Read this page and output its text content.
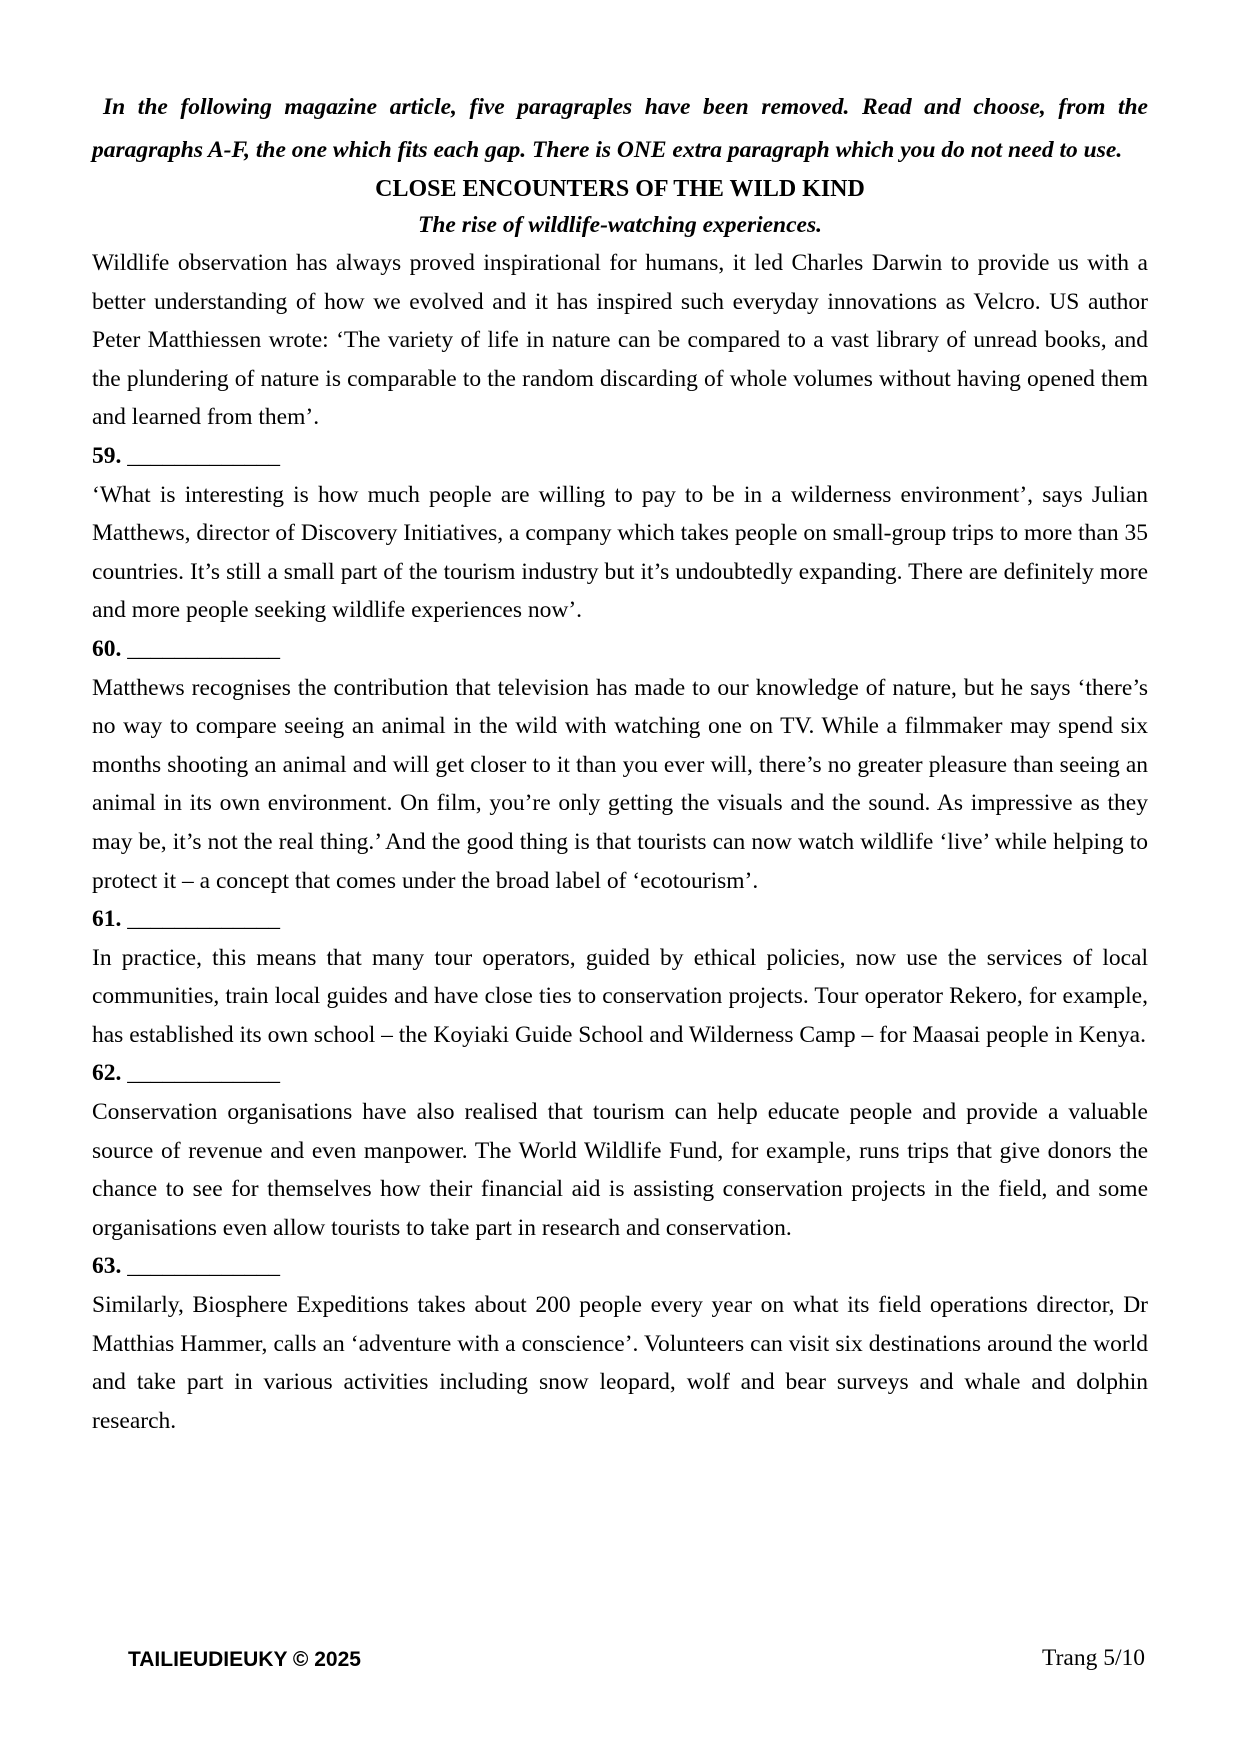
In the following magazine article, five paragraples have been removed. Read and choose, from the paragraphs A-F, the one which fits each gap. There is ONE extra paragraph which you do not need to use.

CLOSE ENCOUNTERS OF THE WILD KIND
The rise of wildlife-watching experiences.

Wildlife observation has always proved inspirational for humans, it led Charles Darwin to provide us with a better understanding of how we evolved and it has inspired such everyday innovations as Velcro. US author Peter Matthiessen wrote: ‘The variety of life in nature can be compared to a vast library of unread books, and the plundering of nature is comparable to the random discarding of whole volumes without having opened them and learned from them’.

59. _____________

‘What is interesting is how much people are willing to pay to be in a wilderness environment’, says Julian Matthews, director of Discovery Initiatives, a company which takes people on small-group trips to more than 35 countries. It’s still a small part of the tourism industry but it’s undoubtedly expanding. There are definitely more and more people seeking wildlife experiences now’.

60. _____________

Matthews recognises the contribution that television has made to our knowledge of nature, but he says ‘there’s no way to compare seeing an animal in the wild with watching one on TV. While a filmmaker may spend six months shooting an animal and will get closer to it than you ever will, there’s no greater pleasure than seeing an animal in its own environment. On film, you’re only getting the visuals and the sound. As impressive as they may be, it’s not the real thing.’ And the good thing is that tourists can now watch wildlife ‘live’ while helping to protect it – a concept that comes under the broad label of ‘ecotourism’.

61. _____________

In practice, this means that many tour operators, guided by ethical policies, now use the services of local communities, train local guides and have close ties to conservation projects. Tour operator Rekero, for example, has established its own school – the Koyiaki Guide School and Wilderness Camp – for Maasai people in Kenya.

62. _____________

Conservation organisations have also realised that tourism can help educate people and provide a valuable source of revenue and even manpower. The World Wildlife Fund, for example, runs trips that give donors the chance to see for themselves how their financial aid is assisting conservation projects in the field, and some organisations even allow tourists to take part in research and conservation.

63. _____________

Similarly, Biosphere Expeditions takes about 200 people every year on what its field operations director, Dr Matthias Hammer, calls an ‘adventure with a conscience’. Volunteers can visit six destinations around the world and take part in various activities including snow leopard, wolf and bear surveys and whale and dolphin research.

TAILIEUDIEUKY © 2025	Trang 5/10
